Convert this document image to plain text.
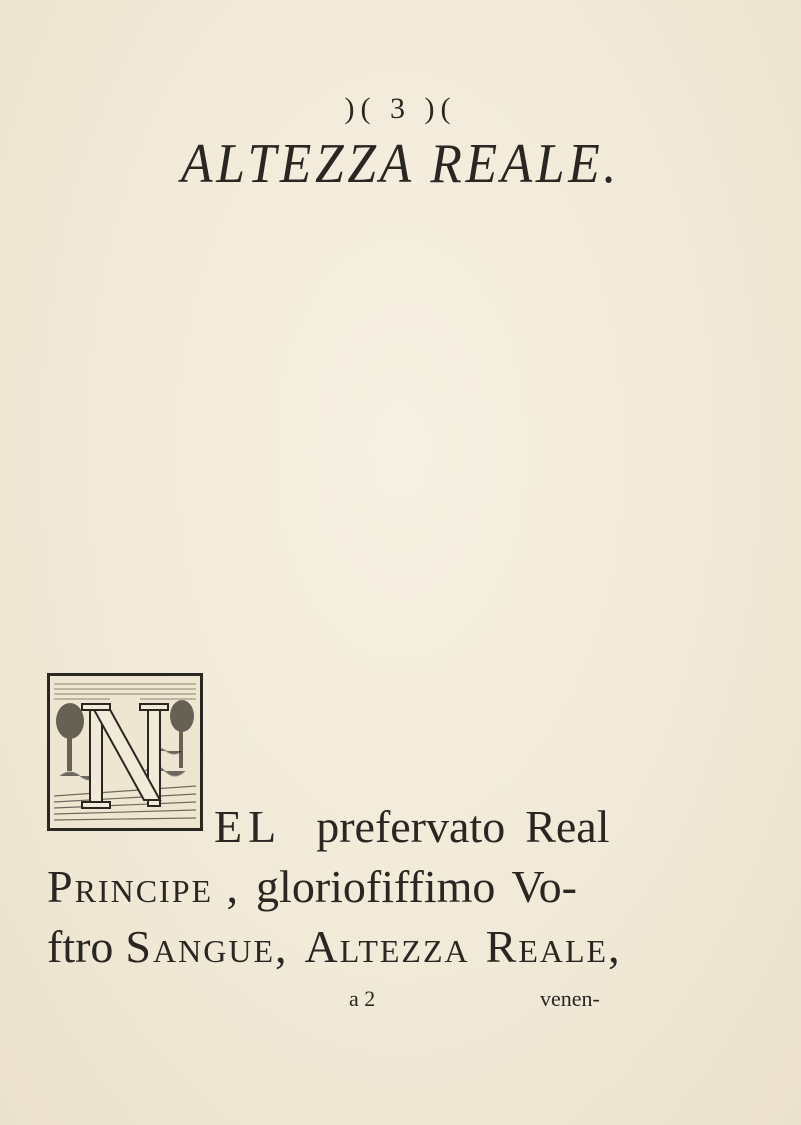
)( 3 )(
ALTEZZA REALE.
EL prefervato Real
Principe , gloriofiffimo Vo-
ftro Sangue, Altezza Reale,
a 2	venen-
